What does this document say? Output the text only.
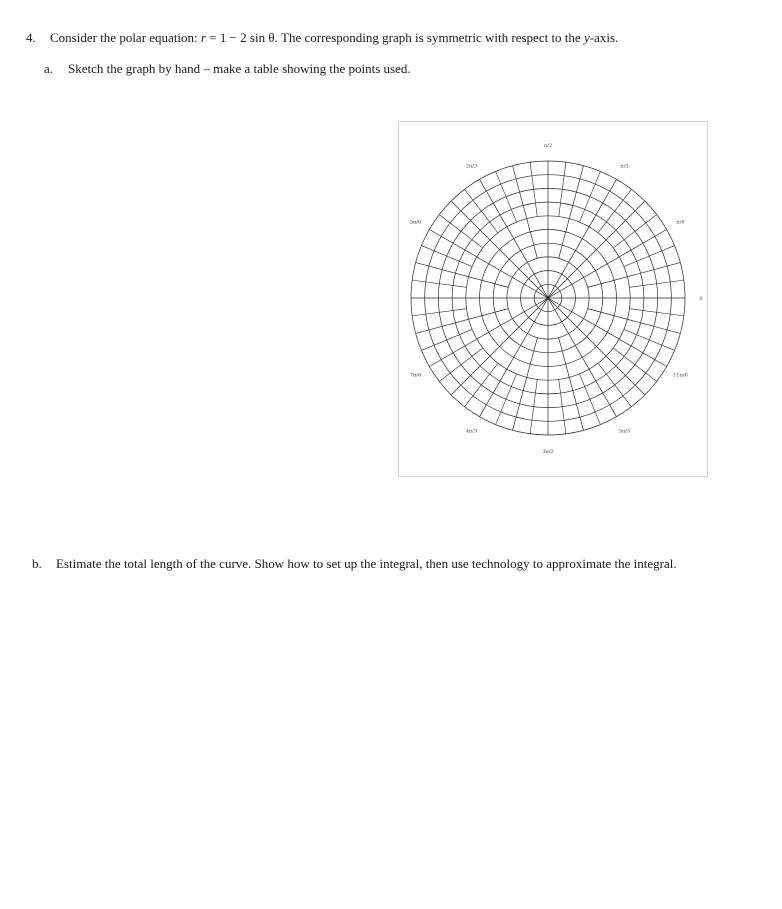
4. Consider the polar equation: r = 1 − 2 sin θ. The corresponding graph is symmetric with respect to the y-axis.
a. Sketch the graph by hand – make a table showing the points used.
0
π/6
π/3
π/2
2π/3
5π/6
7π/6
4π/3
3π/2
5π/3
11π/6
b. Estimate the total length of the curve. Show how to set up the integral, then use technology to approximate the integral.
